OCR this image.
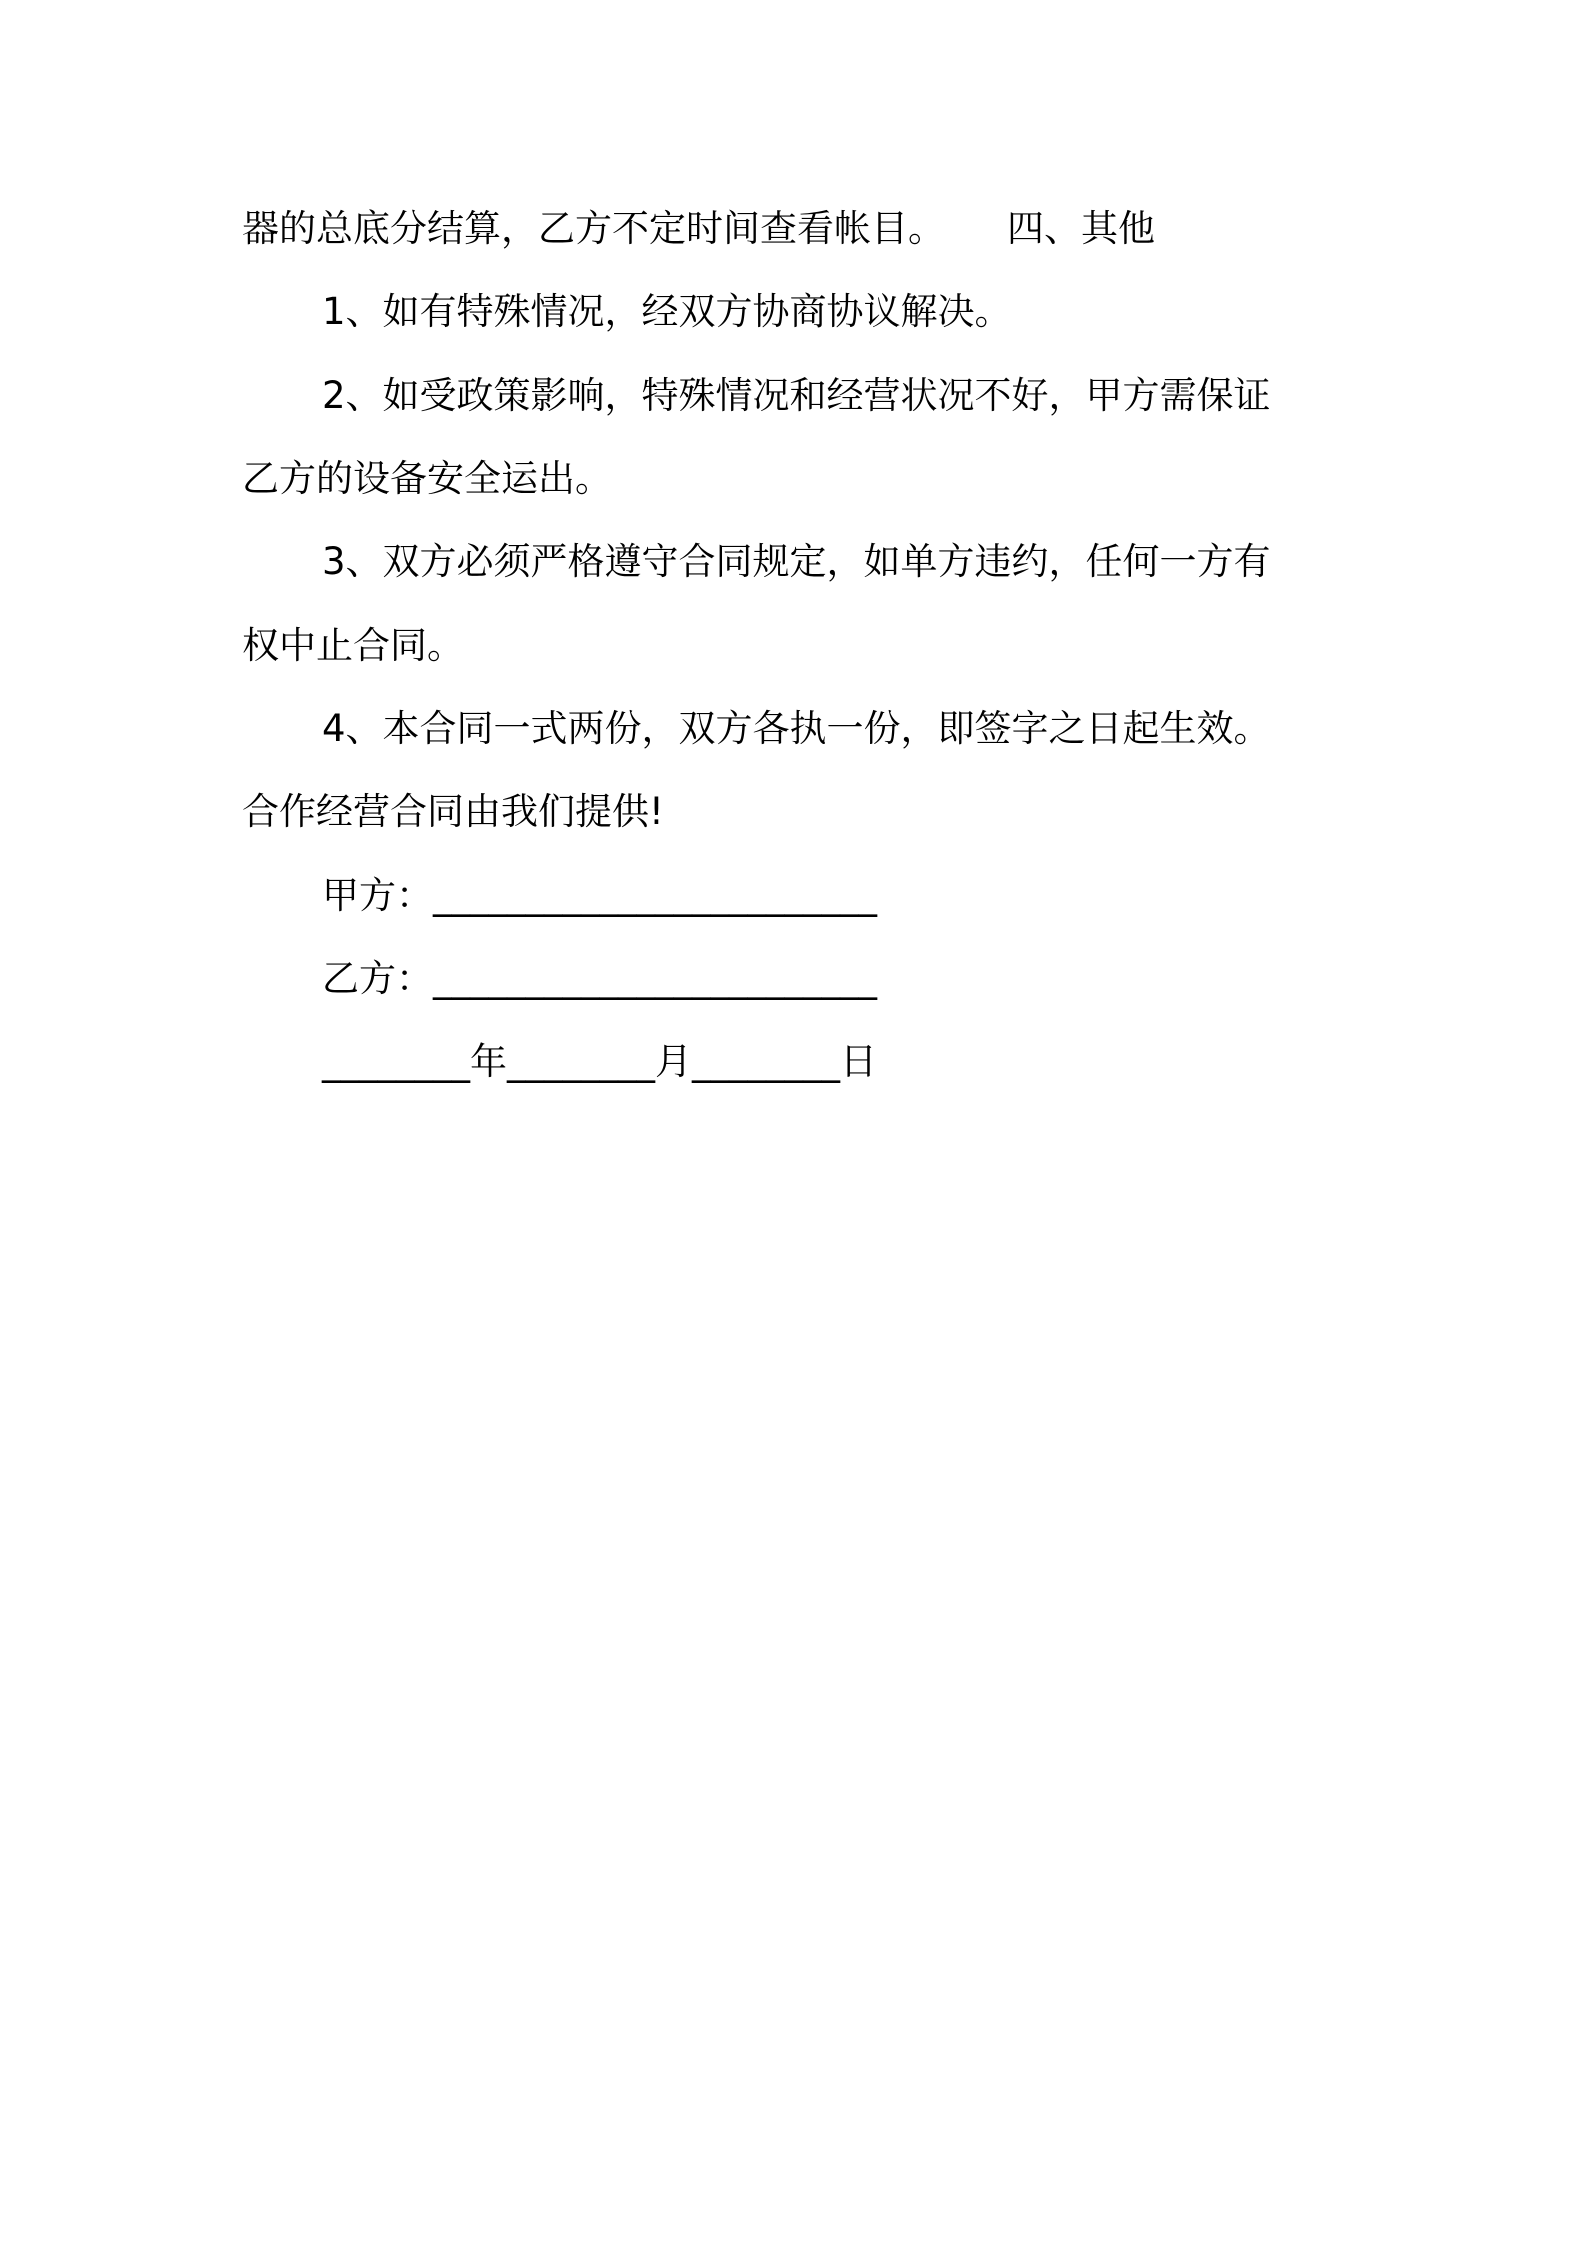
器的总底分结算，乙方不定时间查看帐目。 四、其他
1、如有特殊情况，经双方协商协议解决。
2、如受政策影响，特殊情况和经营状况不好，甲方需保证
乙方的设备安全运出。
3、双方必须严格遵守合同规定，如单方违约，任何一方有
权中止合同。
4、本合同一式两份，双方各执一份，即签字之日起生效。
合作经营合同由我们提供!
甲方：________________________
乙方：________________________
________年________月________日
